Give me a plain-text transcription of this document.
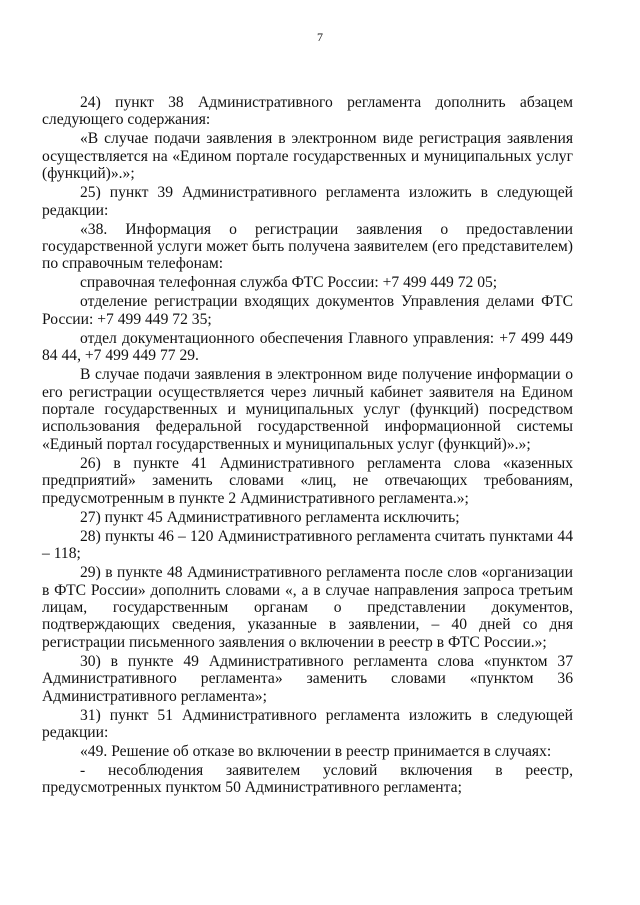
7

24) пункт 38 Административного регламента дополнить абзацем следующего содержания:

«В случае подачи заявления в электронном виде регистрация заявления осуществляется на «Едином портале государственных и муниципальных услуг (функций)».»;

25) пункт 39 Административного регламента изложить в следующей редакции:

«38. Информация о регистрации заявления о предоставлении государственной услуги может быть получена заявителем (его представителем) по справочным телефонам:

справочная телефонная служба ФТС России: +7 499 449 72 05;

отделение регистрации входящих документов Управления делами ФТС России: +7 499 449 72 35;

отдел документационного обеспечения Главного управления: +7 499 449 84 44, +7 499 449 77 29.

В случае подачи заявления в электронном виде получение информации о его регистрации осуществляется через личный кабинет заявителя на Едином портале государственных и муниципальных услуг (функций) посредством использования федеральной государственной информационной системы «Единый портал государственных и муниципальных услуг (функций)».»;

26) в пункте 41 Административного регламента слова «казенных предприятий» заменить словами «лиц, не отвечающих требованиям, предусмотренным в пункте 2 Административного регламента.»;

27) пункт 45 Административного регламента исключить;

28) пункты 46 – 120 Административного регламента считать пунктами 44 – 118;

29) в пункте 48 Административного регламента после слов «организации в ФТС России» дополнить словами «, а в случае направления запроса третьим лицам, государственным органам о представлении документов, подтверждающих сведения, указанные в заявлении, – 40 дней со дня регистрации письменного заявления о включении в реестр в ФТС России.»;

30) в пункте 49 Административного регламента слова «пунктом 37 Административного регламента» заменить словами «пунктом 36 Административного регламента»;

31) пункт 51 Административного регламента изложить в следующей редакции:

«49. Решение об отказе во включении в реестр принимается в случаях:

- несоблюдения заявителем условий включения в реестр, предусмотренных пунктом 50 Административного регламента;
